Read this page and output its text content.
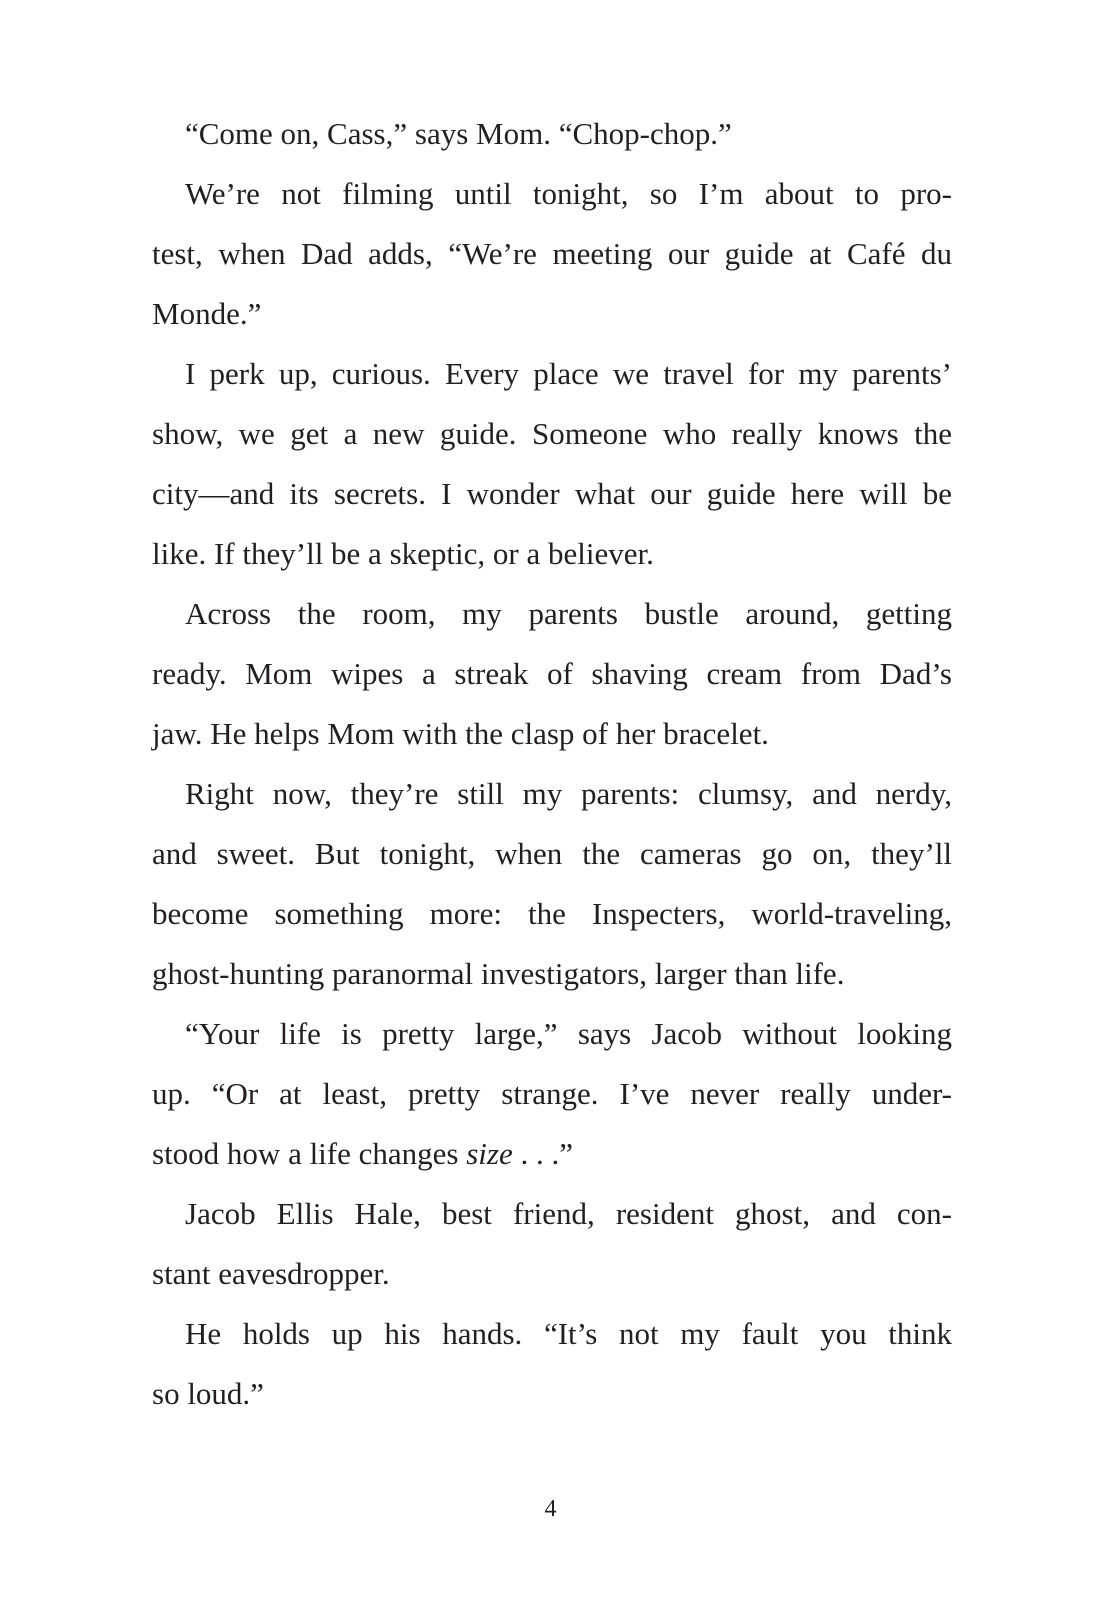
“Come on, Cass,” says Mom. “Chop-chop.”
We’re not filming until tonight, so I’m about to pro-
test, when Dad adds, “We’re meeting our guide at Café du
Monde.”
I perk up, curious. Every place we travel for my parents’
show, we get a new guide. Someone who really knows the
city—and its secrets. I wonder what our guide here will be
like. If they’ll be a skeptic, or a believer.
Across the room, my parents bustle around, getting
ready. Mom wipes a streak of shaving cream from Dad’s
jaw. He helps Mom with the clasp of her bracelet.
Right now, they’re still my parents: clumsy, and nerdy,
and sweet. But tonight, when the cameras go on, they’ll
become something more: the Inspecters, world-traveling,
ghost-hunting paranormal investigators, larger than life.
“Your life is pretty large,” says Jacob without looking
up. “Or at least, pretty strange. I’ve never really under-
stood how a life changes size . . .”
Jacob Ellis Hale, best friend, resident ghost, and con-
stant eavesdropper.
He holds up his hands. “It’s not my fault you think
so loud.”
4
